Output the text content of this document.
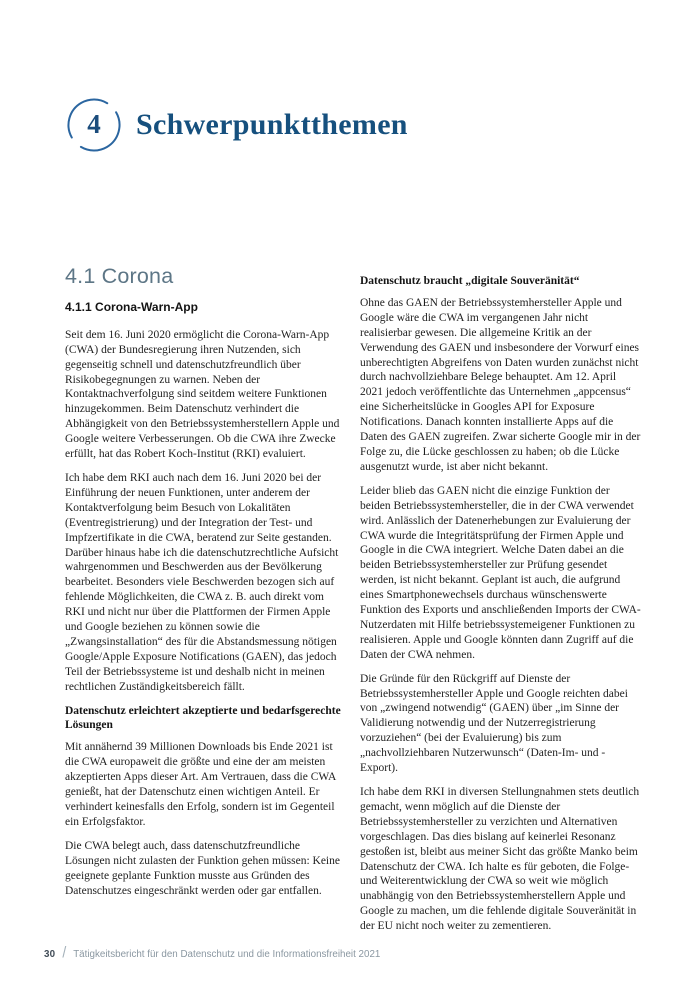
4	Schwerpunktthemen
4.1 Corona
4.1.1 Corona-Warn-App

Seit dem 16. Juni 2020 ermöglicht die Corona-Warn-App (CWA) der Bundesregierung ihren Nutzenden, sich gegenseitig schnell und datenschutzfreundlich über Risikobegegnungen zu warnen. Neben der Kontaktnachverfolgung sind seitdem weitere Funktionen hinzugekommen. Beim Datenschutz verhindert die Abhängigkeit von den Betriebssystemherstellern Apple und Google weitere Verbesserungen. Ob die CWA ihre Zwecke erfüllt, hat das Robert Koch-Institut (RKI) evaluiert.

Ich habe dem RKI auch nach dem 16. Juni 2020 bei der Einführung der neuen Funktionen, unter anderem der Kontaktverfolgung beim Besuch von Lokalitäten (Eventregistrierung) und der Integration der Test- und Impfzertifikate in die CWA, beratend zur Seite gestanden. Darüber hinaus habe ich die datenschutzrechtliche Aufsicht wahrgenommen und Beschwerden aus der Bevölkerung bearbeitet. Besonders viele Beschwerden bezogen sich auf fehlende Möglichkeiten, die CWA z. B. auch direkt vom RKI und nicht nur über die Plattformen der Firmen Apple und Google beziehen zu können sowie die „Zwangsinstallation“ des für die Abstandsmessung nötigen Google/Apple Exposure Notifications (GAEN), das jedoch Teil der Betriebssysteme ist und deshalb nicht in meinen rechtlichen Zuständigkeitsbereich fällt.

Datenschutz erleichtert akzeptierte und bedarfsgerechte Lösungen

Mit annähernd 39 Millionen Downloads bis Ende 2021 ist die CWA europaweit die größte und eine der am meisten akzeptierten Apps dieser Art. Am Vertrauen, dass die CWA genießt, hat der Datenschutz einen wichtigen Anteil. Er verhindert keinesfalls den Erfolg, sondern ist im Gegenteil ein Erfolgsfaktor.

Die CWA belegt auch, dass datenschutzfreundliche Lösungen nicht zulasten der Funktion gehen müssen: Keine geeignete geplante Funktion musste aus Gründen des Datenschutzes eingeschränkt werden oder gar entfallen.

Datenschutz braucht „digitale Souveränität“

Ohne das GAEN der Betriebssystemhersteller Apple und Google wäre die CWA im vergangenen Jahr nicht realisierbar gewesen. Die allgemeine Kritik an der Verwendung des GAEN und insbesondere der Vorwurf eines unberechtigten Abgreifens von Daten wurden zunächst nicht durch nachvollziehbare Belege behauptet. Am 12. April 2021 jedoch veröffentlichte das Unternehmen „appcensus“ eine Sicherheitslücke in Googles API for Exposure Notifications. Danach konnten installierte Apps auf die Daten des GAEN zugreifen. Zwar sicherte Google mir in der Folge zu, die Lücke geschlossen zu haben; ob die Lücke ausgenutzt wurde, ist aber nicht bekannt.

Leider blieb das GAEN nicht die einzige Funktion der beiden Betriebssystemhersteller, die in der CWA verwendet wird. Anlässlich der Datenerhebungen zur Evaluierung der CWA wurde die Integritätsprüfung der Firmen Apple und Google in die CWA integriert. Welche Daten dabei an die beiden Betriebssystemhersteller zur Prüfung gesendet werden, ist nicht bekannt. Geplant ist auch, die aufgrund eines Smartphonewechsels durchaus wünschenswerte Funktion des Exports und anschließenden Imports der CWA-Nutzerdaten mit Hilfe betriebssystemeigener Funktionen zu realisieren. Apple und Google könnten dann Zugriff auf die Daten der CWA nehmen.

Die Gründe für den Rückgriff auf Dienste der Betriebssystemhersteller Apple und Google reichten dabei von „zwingend notwendig“ (GAEN) über „im Sinne der Validierung notwendig und der Nutzerregistrierung vorzuziehen“ (bei der Evaluierung) bis zum „nachvollziehbaren Nutzerwunsch“ (Daten-Im- und -Export).

Ich habe dem RKI in diversen Stellungnahmen stets deutlich gemacht, wenn möglich auf die Dienste der Betriebssystemhersteller zu verzichten und Alternativen vorgeschlagen. Das dies bislang auf keinerlei Resonanz gestoßen ist, bleibt aus meiner Sicht das größte Manko beim Datenschutz der CWA. Ich halte es für geboten, die Folge- und Weiterentwicklung der CWA so weit wie möglich unabhängig von den Betriebssystemherstellern Apple und Google zu machen, um die fehlende digitale Souveränität in der EU nicht noch weiter zu zementieren.

30 / Tätigkeitsbericht für den Datenschutz und die Informationsfreiheit 2021
